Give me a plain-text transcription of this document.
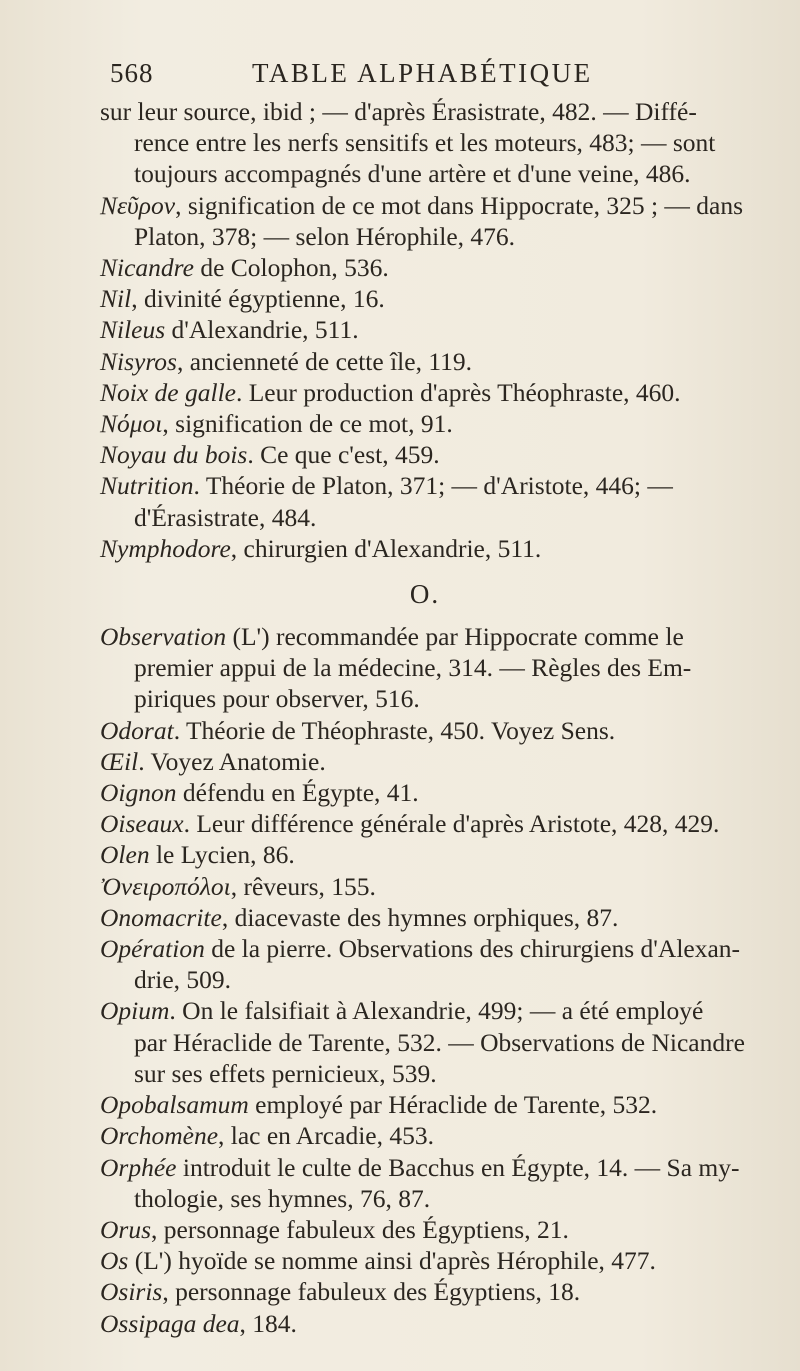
568	TABLE ALPHABÉTIQUE

sur leur source, ibid ; — d'après Érasistrate, 482. — Diffé-

rence entre les nerfs sensitifs et les moteurs, 483; — sont

toujours accompagnés d'une artère et d'une veine, 486.

Νεῦρον, signification de ce mot dans Hippocrate, 325 ; — dans

Platon, 378; — selon Hérophile, 476.

Nicandre de Colophon, 536.

Nil, divinité égyptienne, 16.

Nileus d'Alexandrie, 511.

Nisyros, ancienneté de cette île, 119.

Noix de galle. Leur production d'après Théophraste, 460.

Νόμοι, signification de ce mot, 91.

Noyau du bois. Ce que c'est, 459.

Nutrition. Théorie de Platon, 371; — d'Aristote, 446; —

d'Érasistrate, 484.

Nymphodore, chirurgien d'Alexandrie, 511.

O.

Observation (L') recommandée par Hippocrate comme le

premier appui de la médecine, 314. — Règles des Em-

piriques pour observer, 516.

Odorat. Théorie de Théophraste, 450. Voyez Sens.

Œil. Voyez Anatomie.

Oignon défendu en Égypte, 41.

Oiseaux. Leur différence générale d'après Aristote, 428, 429.

Olen le Lycien, 86.

Ὀνειροπόλοι, rêveurs, 155.

Onomacrite, diacevaste des hymnes orphiques, 87.

Opération de la pierre. Observations des chirurgiens d'Alexan-

drie, 509.

Opium. On le falsifiait à Alexandrie, 499; — a été employé

par Héraclide de Tarente, 532. — Observations de Nicandre

sur ses effets pernicieux, 539.

Opobalsamum employé par Héraclide de Tarente, 532.

Orchomène, lac en Arcadie, 453.

Orphée introduit le culte de Bacchus en Égypte, 14. — Sa my-

thologie, ses hymnes, 76, 87.

Orus, personnage fabuleux des Égyptiens, 21.

Os (L') hyoïde se nomme ainsi d'après Hérophile, 477.

Osiris, personnage fabuleux des Égyptiens, 18.

Ossipaga dea, 184.
